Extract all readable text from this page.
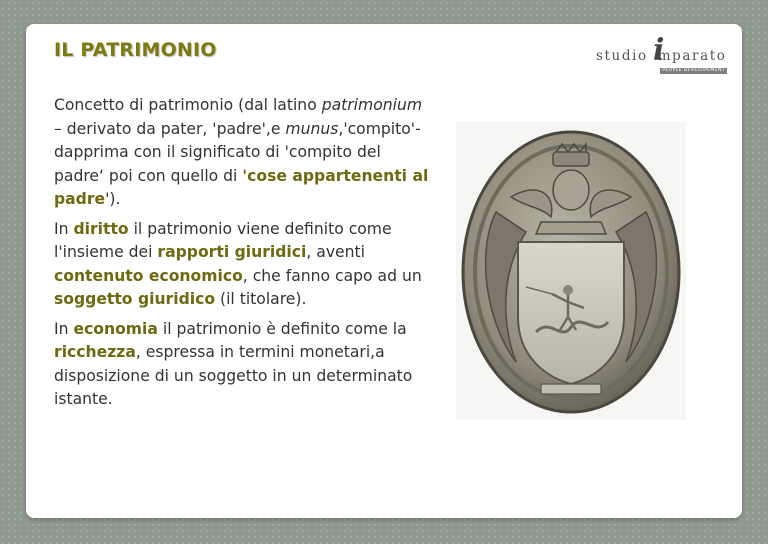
IL PATRIMONIO	studio mparato
i
PEOPLE DEVELOPEMENT

Concetto di patrimonio (dal latino patrimonium – derivato da pater, 'padre',e munus,'compito'- dapprima con il significato di 'compito del padre‘ poi con quello di 'cose appartenenti al padre').

In diritto il patrimonio viene definito come l'insieme dei rapporti giuridici, aventi contenuto economico, che fanno capo ad un soggetto giuridico (il titolare).

In economia il patrimonio è definito come la ricchezza, espressa in termini monetari,a disposizione di un soggetto in un determinato istante.
